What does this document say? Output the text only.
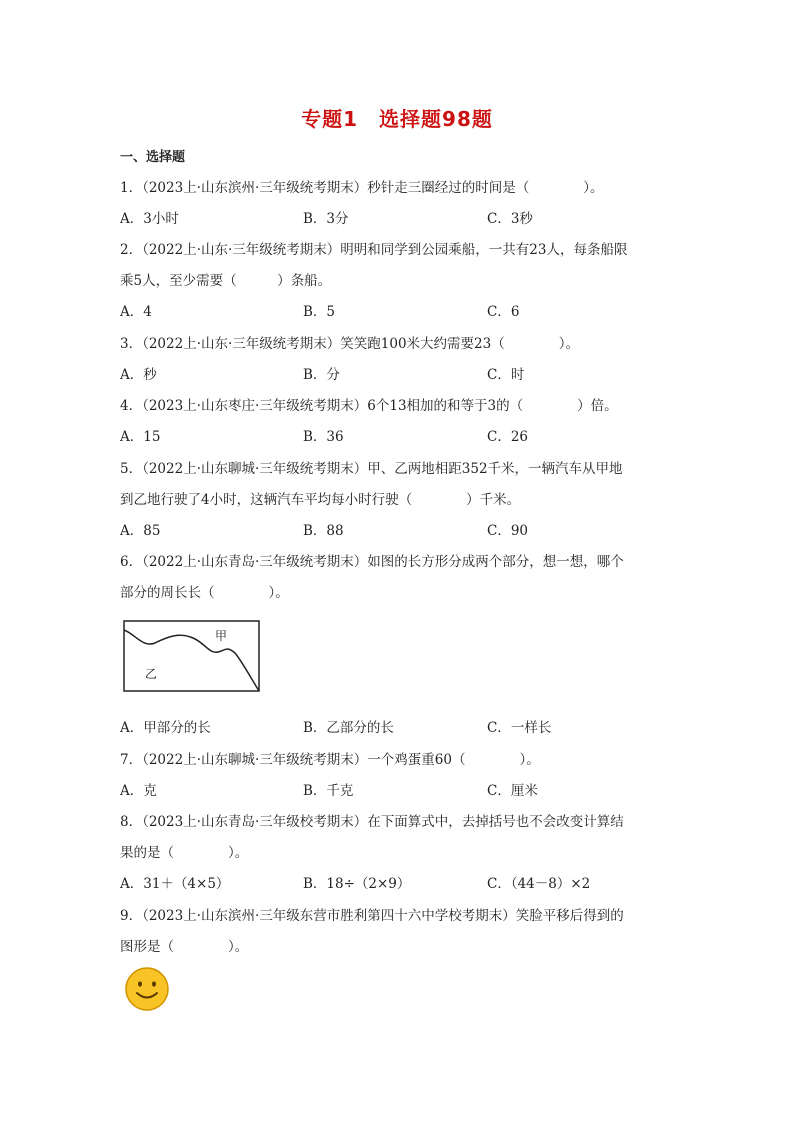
专题1　选择题98题
一、选择题
1．（2023上·山东滨州·三年级统考期末）秒针走三圈经过的时间是（　　　　）。
A．3小时	B．3分	C．3秒
2．（2022上·山东·三年级统考期末）明明和同学到公园乘船，一共有23人，每条船限
乘5人，至少需要（　　　）条船。
A．4	B．5	C．6
3．（2022上·山东·三年级统考期末）笑笑跑100米大约需要23（　　　　）。
A．秒	B．分	C．时
4．（2023上·山东枣庄·三年级统考期末）6个13相加的和等于3的（　　　　）倍。
A．15	B．36	C．26
5．（2022上·山东聊城·三年级统考期末）甲、乙两地相距352千米，一辆汽车从甲地
到乙地行驶了4小时，这辆汽车平均每小时行驶（　　　　）千米。
A．85	B．88	C．90
6．（2022上·山东青岛·三年级统考期末）如图的长方形分成两个部分，想一想，哪个
部分的周长长（　　　　）。
甲
乙
A．甲部分的长	B．乙部分的长	C．一样长
7．（2022上·山东聊城·三年级统考期末）一个鸡蛋重60（　　　　）。
A．克	B．千克	C．厘米
8．（2023上·山东青岛·三年级校考期末）在下面算式中，去掉括号也不会改变计算结
果的是（　　　　）。
A．31＋（4×5）	B．18÷（2×9）	C．（44－8）×2
9．（2023上·山东滨州·三年级东营市胜利第四十六中学校考期末）笑脸平移后得到的
图形是（　　　　）。
